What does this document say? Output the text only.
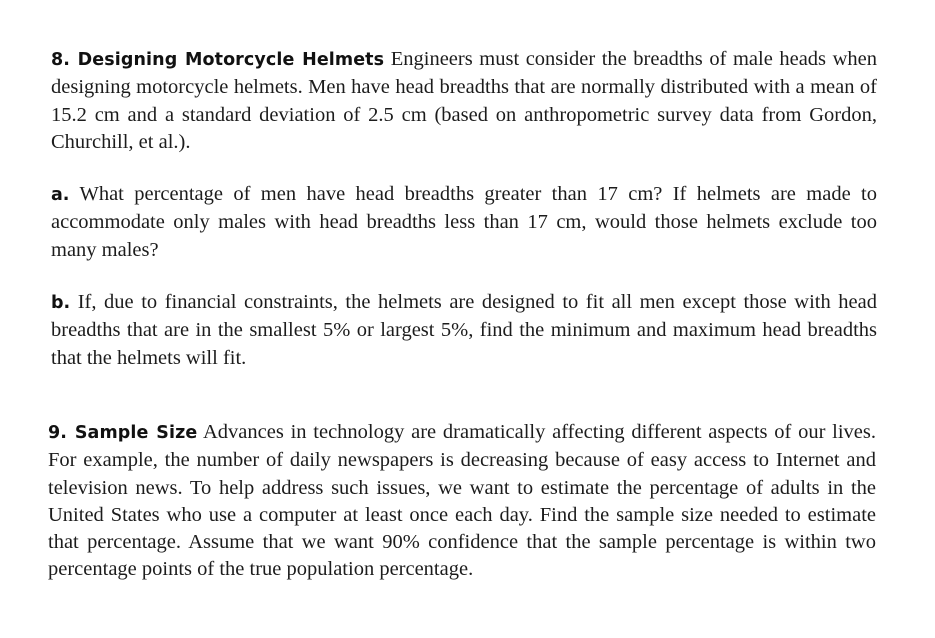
8. Designing Motorcycle Helmets Engineers must consider the breadths of male heads when designing motorcycle helmets. Men have head breadths that are normally distributed with a mean of 15.2 cm and a standard deviation of 2.5 cm (based on anthropometric survey data from Gordon, Churchill, et al.).

a. What percentage of men have head breadths greater than 17 cm? If helmets are made to accommodate only males with head breadths less than 17 cm, would those helmets exclude too many males?

b. If, due to financial constraints, the helmets are designed to fit all men except those with head breadths that are in the smallest 5% or largest 5%, find the minimum and maximum head breadths that the helmets will fit.

9. Sample Size Advances in technology are dramatically affecting different aspects of our lives. For example, the number of daily newspapers is decreasing because of easy access to Internet and television news. To help address such issues, we want to estimate the percentage of adults in the United States who use a computer at least once each day. Find the sample size needed to estimate that percentage. Assume that we want 90% confidence that the sample percentage is within two percentage points of the true population percentage.
